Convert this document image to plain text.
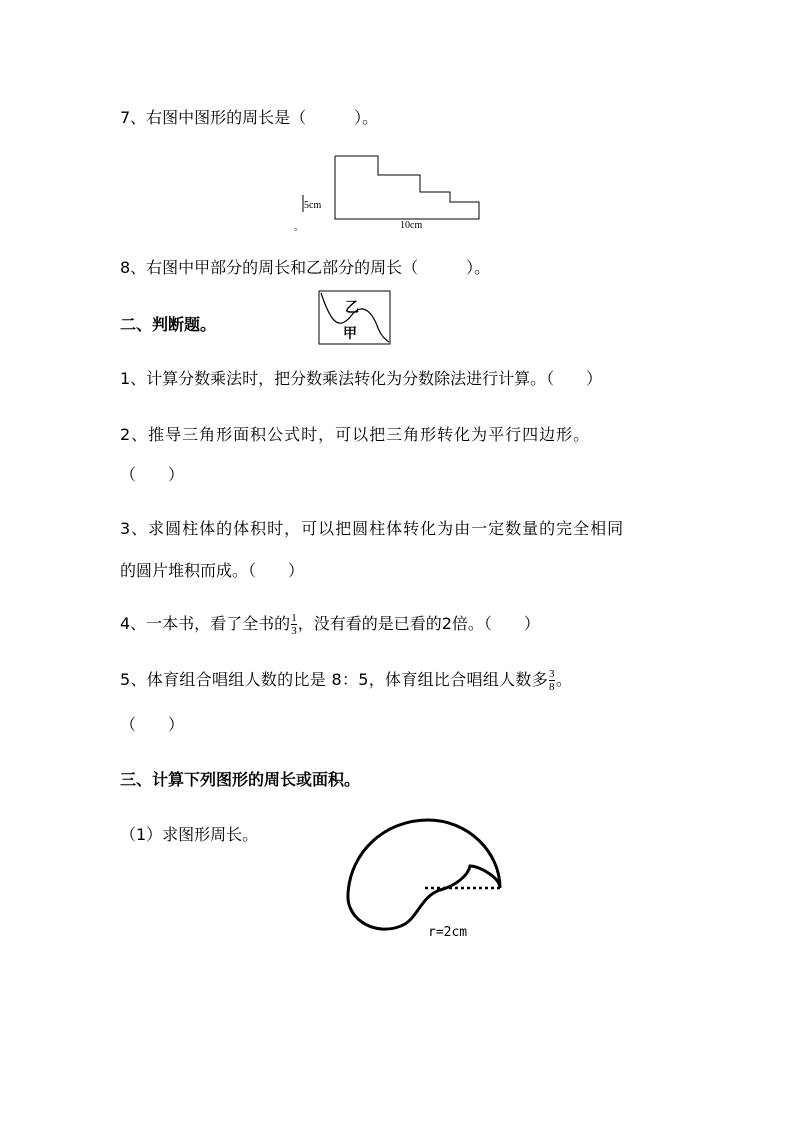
7、右图中图形的周长是（　　　）。
5cm
10cm
。
8、右图中甲部分的周长和乙部分的周长（　　　）。
二、判断题。
乙
甲
1、计算分数乘法时，把分数乘法转化为分数除法进行计算。（　　）
2、推导三角形面积公式时，可以把三角形转化为平行四边形。
（　　）
3、求圆柱体的体积时，可以把圆柱体转化为由一定数量的完全相同
的圆片堆积而成。（　　）
4、一本书，看了全书的 $\frac{1}{3}$ ，没有看的是已看的2倍。（　　）
5、体育组合唱组人数的比是 8：5，体育组比合唱组人数多 $\frac{3}{8}$ 。
（　　）
三、计算下列图形的周长或面积。
（1）求图形周长。
r=2cm
